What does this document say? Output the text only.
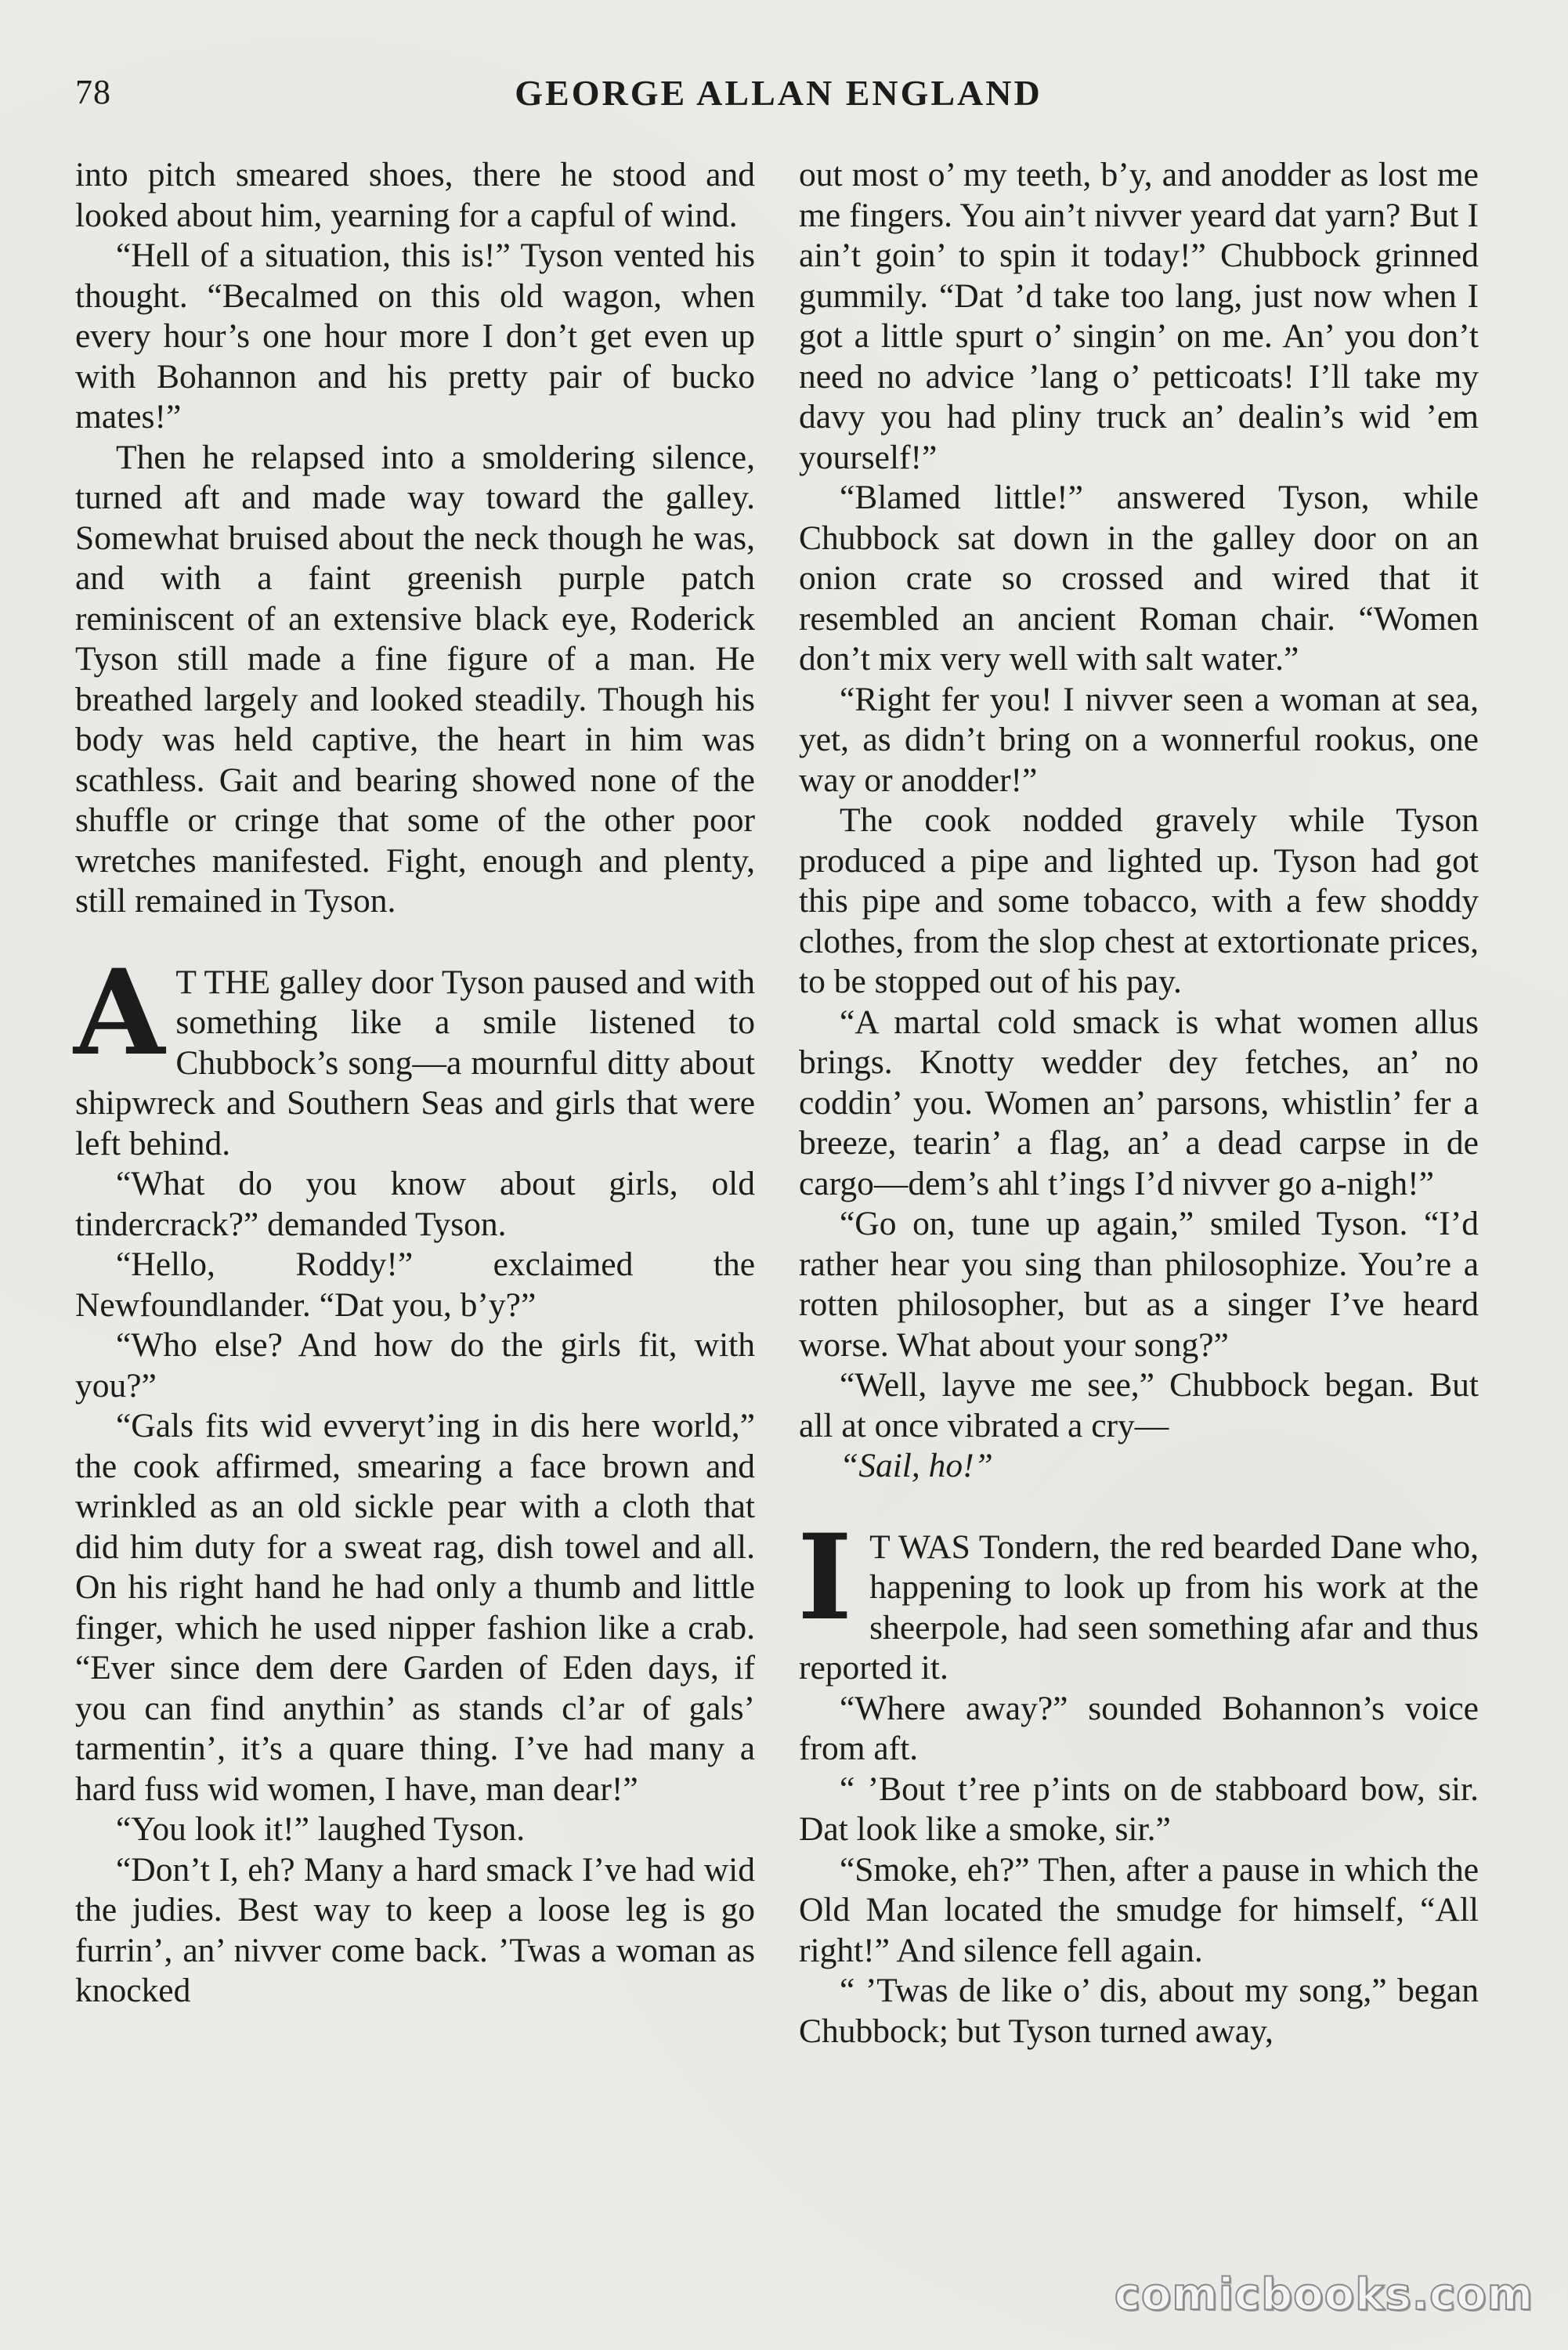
78	GEORGE ALLAN ENGLAND

into pitch smeared shoes, there he stood and looked about him, yearning for a capful of wind.

“Hell of a situation, this is!” Tyson vented his thought. “Becalmed on this old wagon, when every hour’s one hour more I don’t get even up with Bohannon and his pretty pair of bucko mates!”

Then he relapsed into a smoldering silence, turned aft and made way toward the galley. Somewhat bruised about the neck though he was, and with a faint greenish purple patch reminiscent of an extensive black eye, Roderick Tyson still made a fine figure of a man. He breathed largely and looked steadily. Though his body was held captive, the heart in him was scathless. Gait and bearing showed none of the shuffle or cringe that some of the other poor wretches manifested. Fight, enough and plenty, still remained in Tyson.

A T THE galley door Tyson paused and with something like a smile listened to Chubbock’s song—a mournful ditty about shipwreck and Southern Seas and girls that were left behind.

“What do you know about girls, old tindercrack?” demanded Tyson.

“Hello, Roddy!” exclaimed the Newfoundlander. “Dat you, b’y?”

“Who else? And how do the girls fit, with you?”

“Gals fits wid evveryt’ing in dis here world,” the cook affirmed, smearing a face brown and wrinkled as an old sickle pear with a cloth that did him duty for a sweat rag, dish towel and all. On his right hand he had only a thumb and little finger, which he used nipper fashion like a crab. “Ever since dem dere Garden of Eden days, if you can find anythin’ as stands cl’ar of gals’ tarmentin’, it’s a quare thing. I’ve had many a hard fuss wid women, I have, man dear!”

“You look it!” laughed Tyson.

“Don’t I, eh? Many a hard smack I’ve had wid the judies. Best way to keep a loose leg is go furrin’, an’ nivver come back. ’Twas a woman as knocked

out most o’ my teeth, b’y, and anodder as lost me me fingers. You ain’t nivver yeard dat yarn? But I ain’t goin’ to spin it today!” Chubbock grinned gummily. “Dat ’d take too lang, just now when I got a little spurt o’ singin’ on me. An’ you don’t need no advice ’lang o’ petticoats! I’ll take my davy you had pliny truck an’ dealin’s wid ’em yourself!”

“Blamed little!” answered Tyson, while Chubbock sat down in the galley door on an onion crate so crossed and wired that it resembled an ancient Roman chair. “Women don’t mix very well with salt water.”

“Right fer you! I nivver seen a woman at sea, yet, as didn’t bring on a wonnerful rookus, one way or anodder!”

The cook nodded gravely while Tyson produced a pipe and lighted up. Tyson had got this pipe and some tobacco, with a few shoddy clothes, from the slop chest at extortionate prices, to be stopped out of his pay.

“A martal cold smack is what women allus brings. Knotty wedder dey fetches, an’ no coddin’ you. Women an’ parsons, whistlin’ fer a breeze, tearin’ a flag, an’ a dead carpse in de cargo—dem’s ahl t’ings I’d nivver go a-nigh!”

“Go on, tune up again,” smiled Tyson. “I’d rather hear you sing than philosophize. You’re a rotten philosopher, but as a singer I’ve heard worse. What about your song?”

“Well, layve me see,” Chubbock began. But all at once vibrated a cry—

“Sail, ho!”

I T WAS Tondern, the red bearded Dane who, happening to look up from his work at the sheerpole, had seen something afar and thus reported it.

“Where away?” sounded Bohannon’s voice from aft.

“ ’Bout t’ree p’ints on de stabboard bow, sir. Dat look like a smoke, sir.”

“Smoke, eh?” Then, after a pause in which the Old Man located the smudge for himself, “All right!” And silence fell again.

“ ’Twas de like o’ dis, about my song,” began Chubbock; but Tyson turned away,

comicbooks.com
